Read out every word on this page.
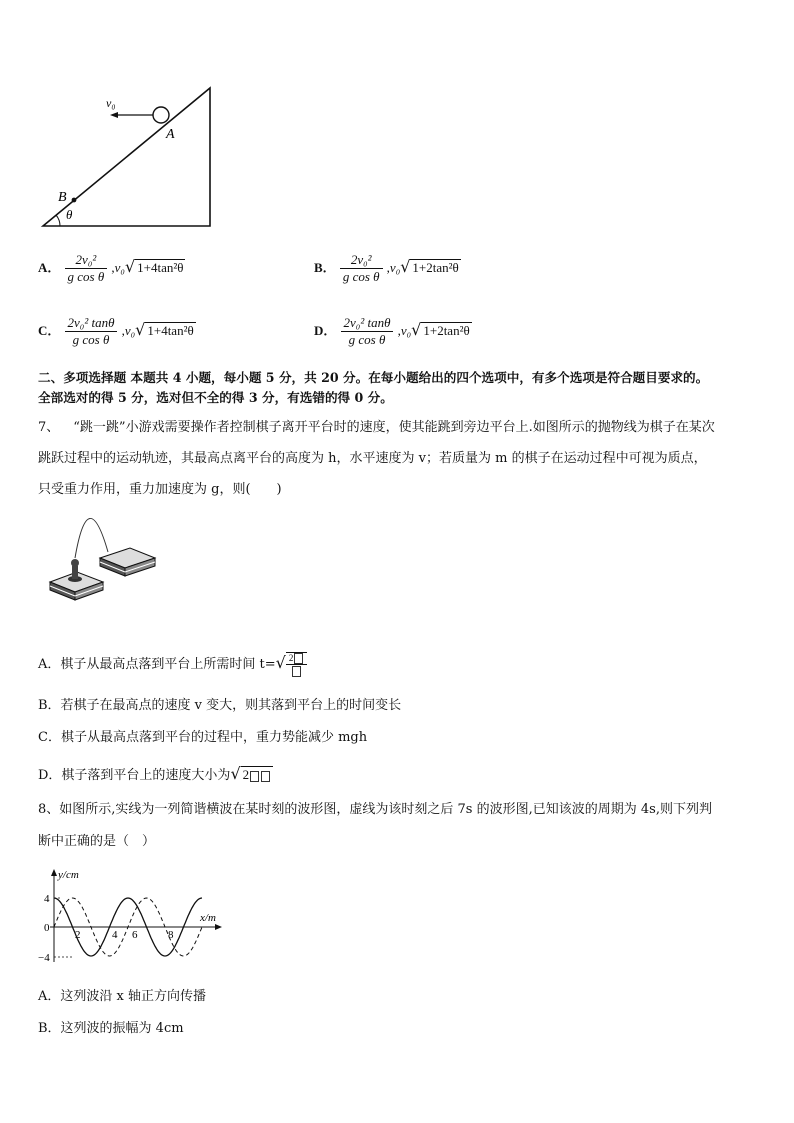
v₀
A
B
θ
A． $\frac{\text{2v₀²}}{\text{g cos θ}} ,v_0√$ 1+4tan²θ	B． $\frac{\text{2v₀²}}{\text{g cos θ}} ,v_0√$ 1+2tan²θ
C． $\frac{\text{2v₀² tanθ}}{\text{g cos θ}} ,v_0√$ 1+4tan²θ	D． $\frac{\text{2v₀² tanθ}}{\text{g cos θ}} ,v_0√$ 1+2tan²θ
二、多项选择题 本题共 4 小题，每小题 5 分，共 20 分。在每小题给出的四个选项中，有多个选项是符合题目要求的。
全部选对的得 5 分，选对但不全的得 3 分，有选错的得 0 分。
7、 “跳一跳”小游戏需要操作者控制棋子离开平台时的速度，使其能跳到旁边平台上.如图所示的抛物线为棋子在某次
跳跃过程中的运动轨迹，其最高点离平台的高度为 h，水平速度为 v；若质量为 m 的棋子在运动过程中可视为质点，
只受重力作用，重力加速度为 g，则(　　)
A．棋子从最高点落到平台上所需时间 t=√ 2
B．若棋子在最高点的速度 v 变大，则其落到平台上的时间变长
C．棋子从最高点落到平台的过程中，重力势能减少 mgh
D．棋子落到平台上的速度大小为√ 2
8、如图所示,实线为一列简谐横波在某时刻的波形图，虚线为该时刻之后 7s 的波形图,已知该波的周期为 4s,则下列判
断中正确的是（　）
y/cm
x/m
4
0
−4
2	4 6	8
A．这列波沿 x 轴正方向传播
B．这列波的振幅为 4cm
